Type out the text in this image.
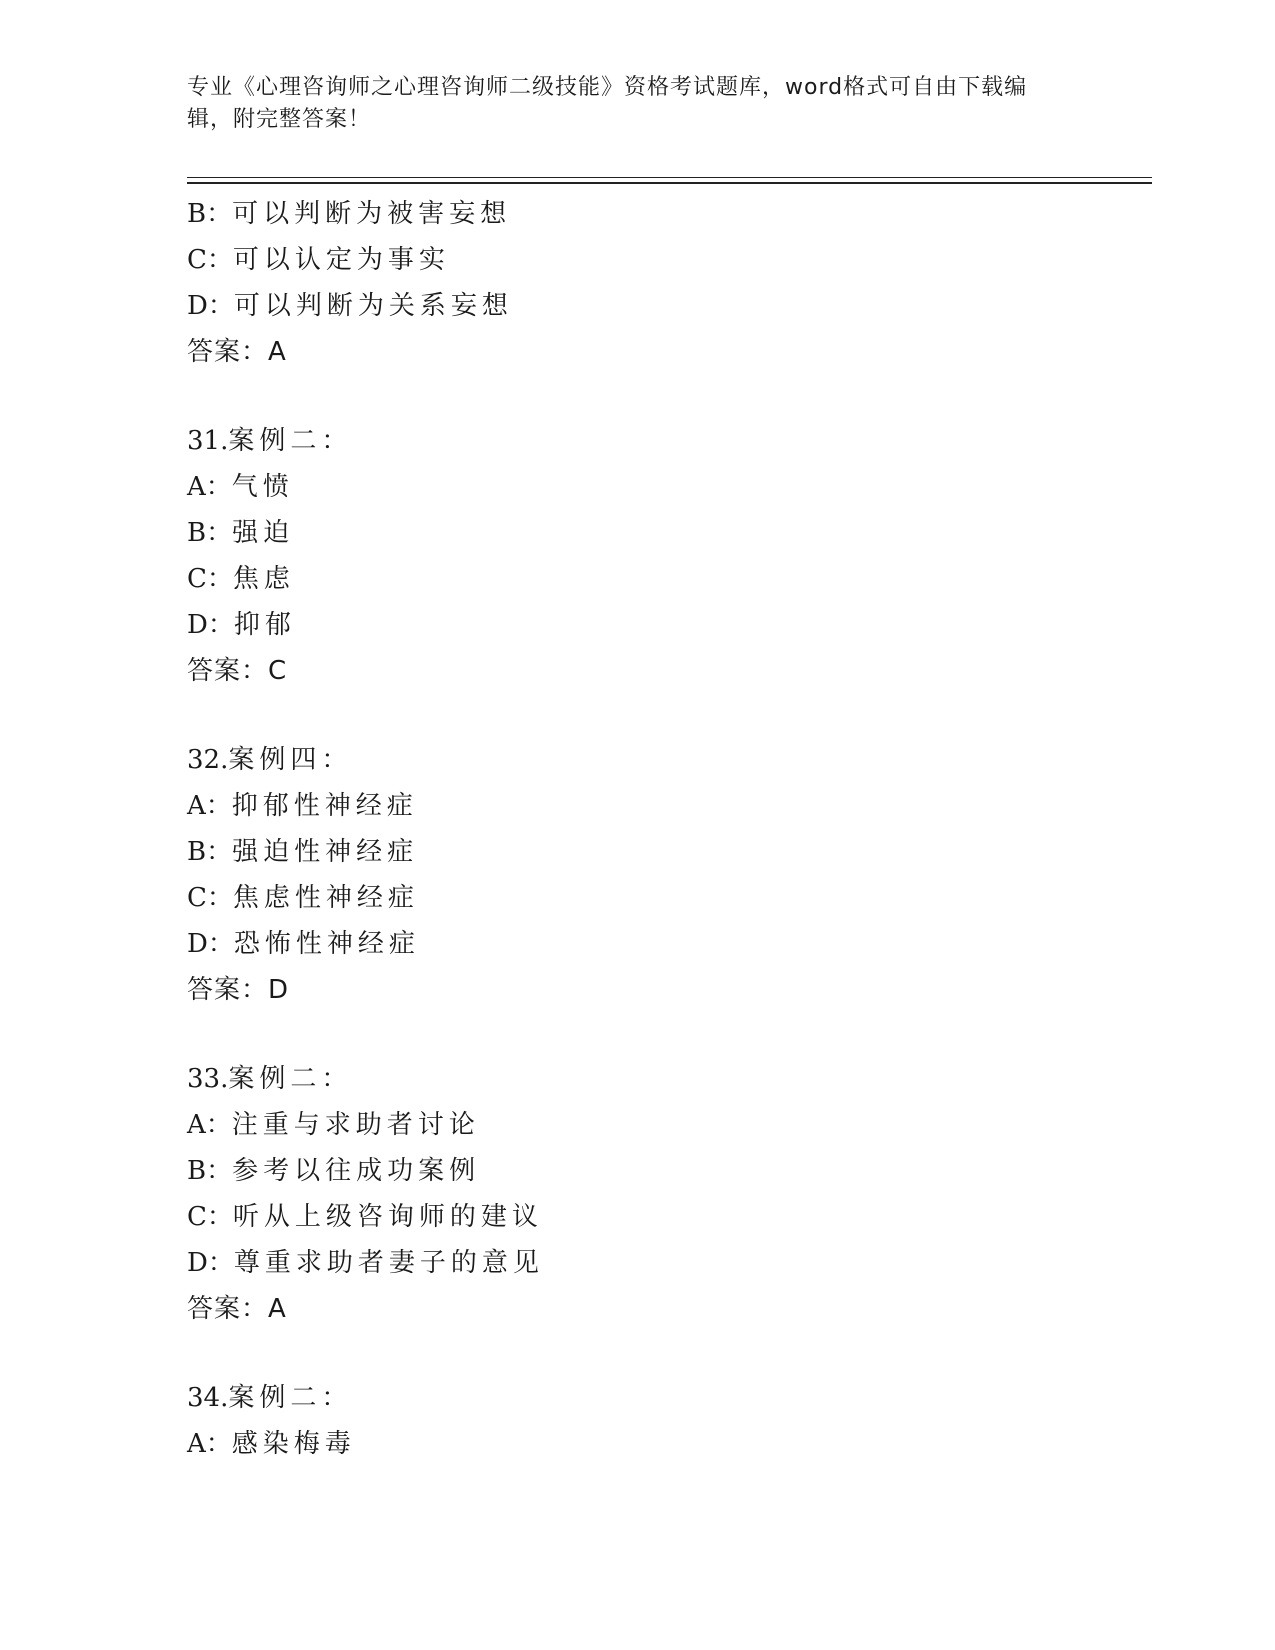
专业《心理咨询师之心理咨询师二级技能》资格考试题库，word格式可自由下载编辑，附完整答案！
B：可以判断为被害妄想
C：可以认定为事实
D：可以判断为关系妄想
答案：A
31.案例二：
A：气愤
B：强迫
C：焦虑
D：抑郁
答案：C
32.案例四：
A：抑郁性神经症
B：强迫性神经症
C：焦虑性神经症
D：恐怖性神经症
答案：D
33.案例二：
A：注重与求助者讨论
B：参考以往成功案例
C：听从上级咨询师的建议
D：尊重求助者妻子的意见
答案：A
34.案例二：
A：感染梅毒
